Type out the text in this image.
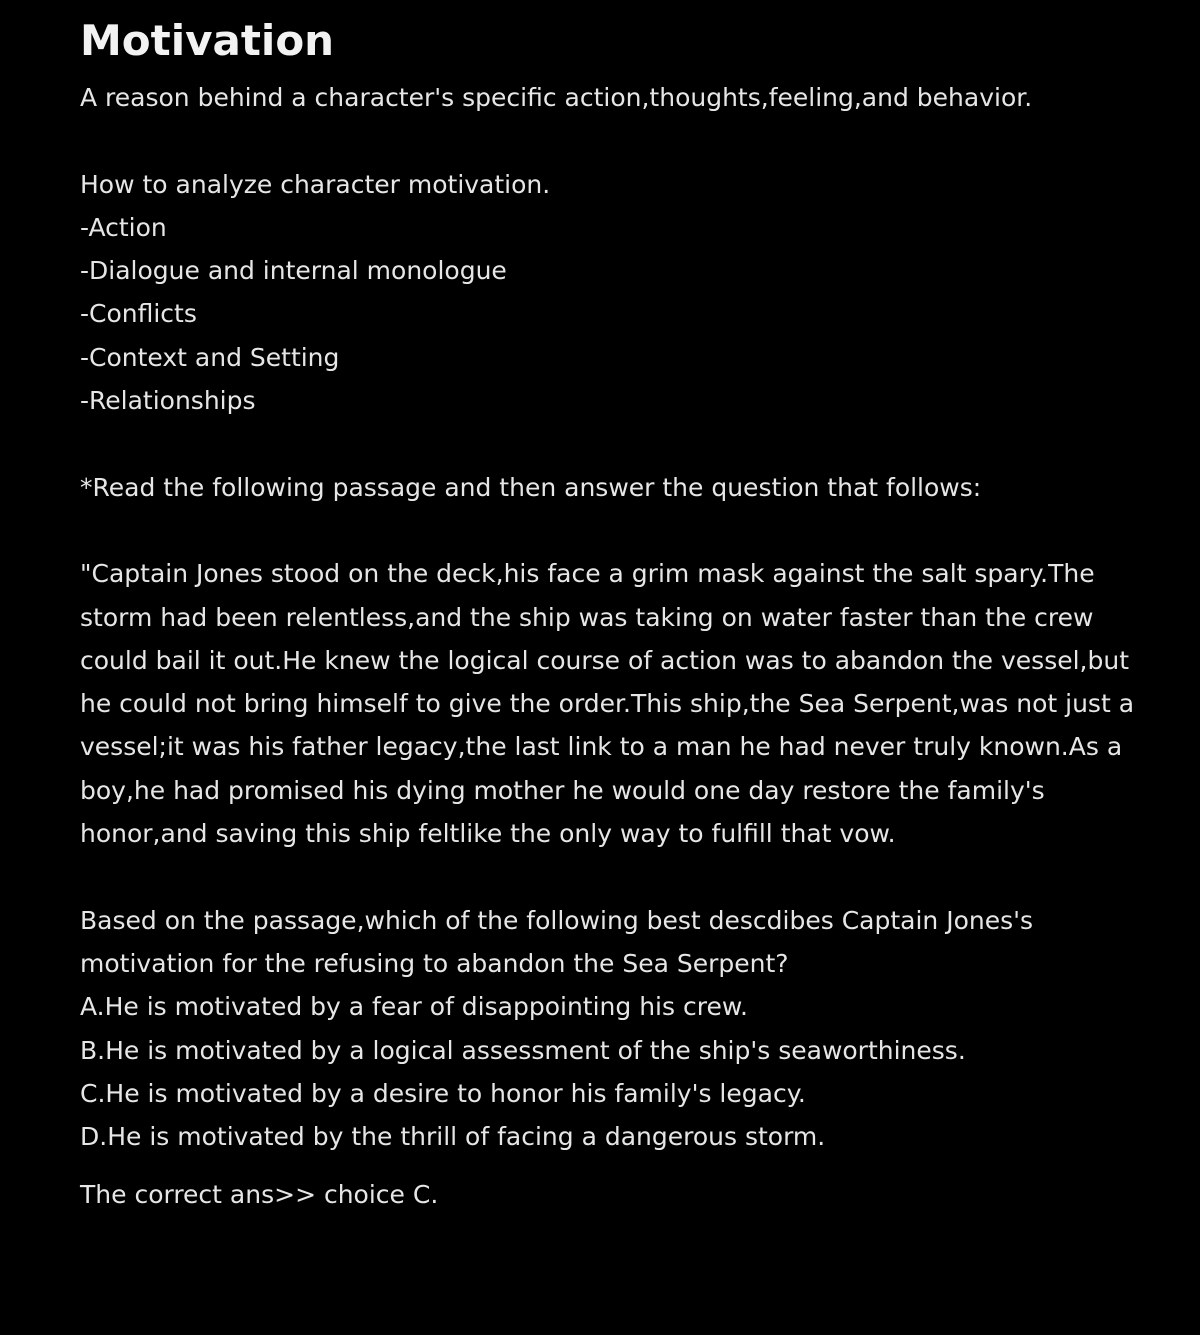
Motivation

A reason behind a character's specific action,thoughts,feeling,and behavior.

How to analyze character motivation.

-Action

-Dialogue and internal monologue

-Conflicts

-Context and Setting

-Relationships

*Read the following passage and then answer the question that follows:

"Captain Jones stood on the deck,his face a grim mask against the salt spary.The
storm had been relentless,and the ship was taking on water faster than the crew
could bail it out.He knew the logical course of action was to abandon the vessel,but
he could not bring himself to give the order.This ship,the Sea Serpent,was not just a
vessel;it was his father legacy,the last link to a man he had never truly known.As a
boy,he had promised his dying mother he would one day restore the family's
honor,and saving this ship feltlike the only way to fulfill that vow.
Based on the passage,which of the following best descdibes Captain Jones's
motivation for the refusing to abandon the Sea Serpent?

A.He is motivated by a fear of disappointing his crew.

B.He is motivated by a logical assessment of the ship's seaworthiness.

C.He is motivated by a desire to honor his family's legacy.

D.He is motivated by the thrill of facing a dangerous storm.

The correct ans>> choice C.
